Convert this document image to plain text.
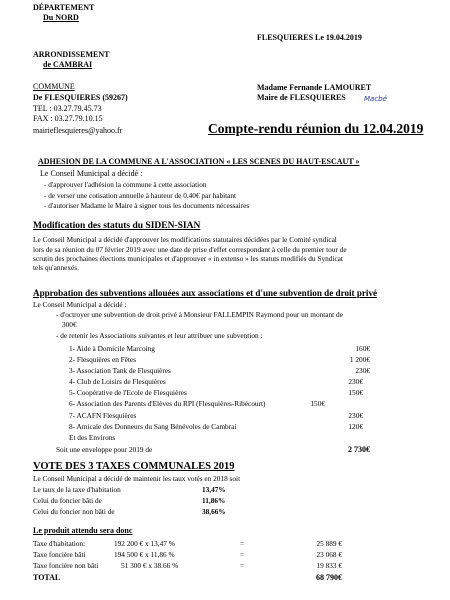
DÉPARTEMENT
Du NORD
ARRONDISSEMENT
de CAMBRAI
COMMUNE
De FLESQUIERES (59267)
TEL : 03.27.79.45.73
FAX : 03.27.79.10.15
mairieflesquieres@yahoo.fr
FLESQUIERES Le 19.04.2019
Madame Fernande LAMOURET
Maire de FLESQUIERES	Macbé
Compte-rendu réunion du 12.04.2019
ADHESION DE LA COMMUNE A L'ASSOCIATION « LES SCENES DU HAUT-ESCAUT »
Le Conseil Municipal a décidé :
- d'approuver l'adhésion la commune à cette association
- de verser une cotisation annuelle à hauteur de 0.40€ par habitant
- d'autoriser Madame le Maire à signer tous les documents nécessaires
Modification des statuts du SIDEN-SIAN
Le Conseil Municipal a décidé d'approuver les modifications statutaires décidées par le Comité syndical
lors de sa réunion du 07 février 2019 avec une date de prise d'effet correspondant à celle du premier tour de
scrutin des prochaines élections municipales et d'approuver « in extenso » les statuts modifiés du Syndicat
tels qu'annexés.
Approbation des subventions allouées aux associations et d'une subvention de droit privé
Le Conseil Municipal a décidé :
- d'octroyer une subvention de droit privé à Monsieur FALLEMPIN Raymond pour un montant de
300€
- de retenir les Associations suivantes et leur attribuer une subvention :
1- Aide à Domicile Marcoing	160€
2- Flesquières en Fêtes	1 200€
3- Association Tank de Flesquières	230€
4- Club de Loisirs de Flesquières	230€
5- Coopérative de l'Ecole de Flesquières	150€
6- Association des Parents d'Elèves du RPI (Flesquières-Ribécourt)	150€
7- ACAFN Flesquières	230€
8- Amicale des Donneurs du Sang Bénévoles de Cambrai	120€
Et des Environs
Soit une enveloppe pour 2019 de	2 730€
VOTE DES 3 TAXES COMMUNALES 2019
Le Conseil Municipal a décidé de maintenir les taux votés en 2018 soit
Le taux de la taxe d'habitation	13,47%
Celui du foncier bâti de	11,86%
Celui du foncier non bâti de	38,66%
Le produit attendu sera donc
Taxe d'habitation:	192 200 € x 13,47 %	=	25 889 €
Taxe foncière bâti	194 500 € x 11,86 %	=	23 068 €
Taxe foncière non bâti	51 300 € x 38.66 %	=	19 833 €
TOTAL	68 790€
